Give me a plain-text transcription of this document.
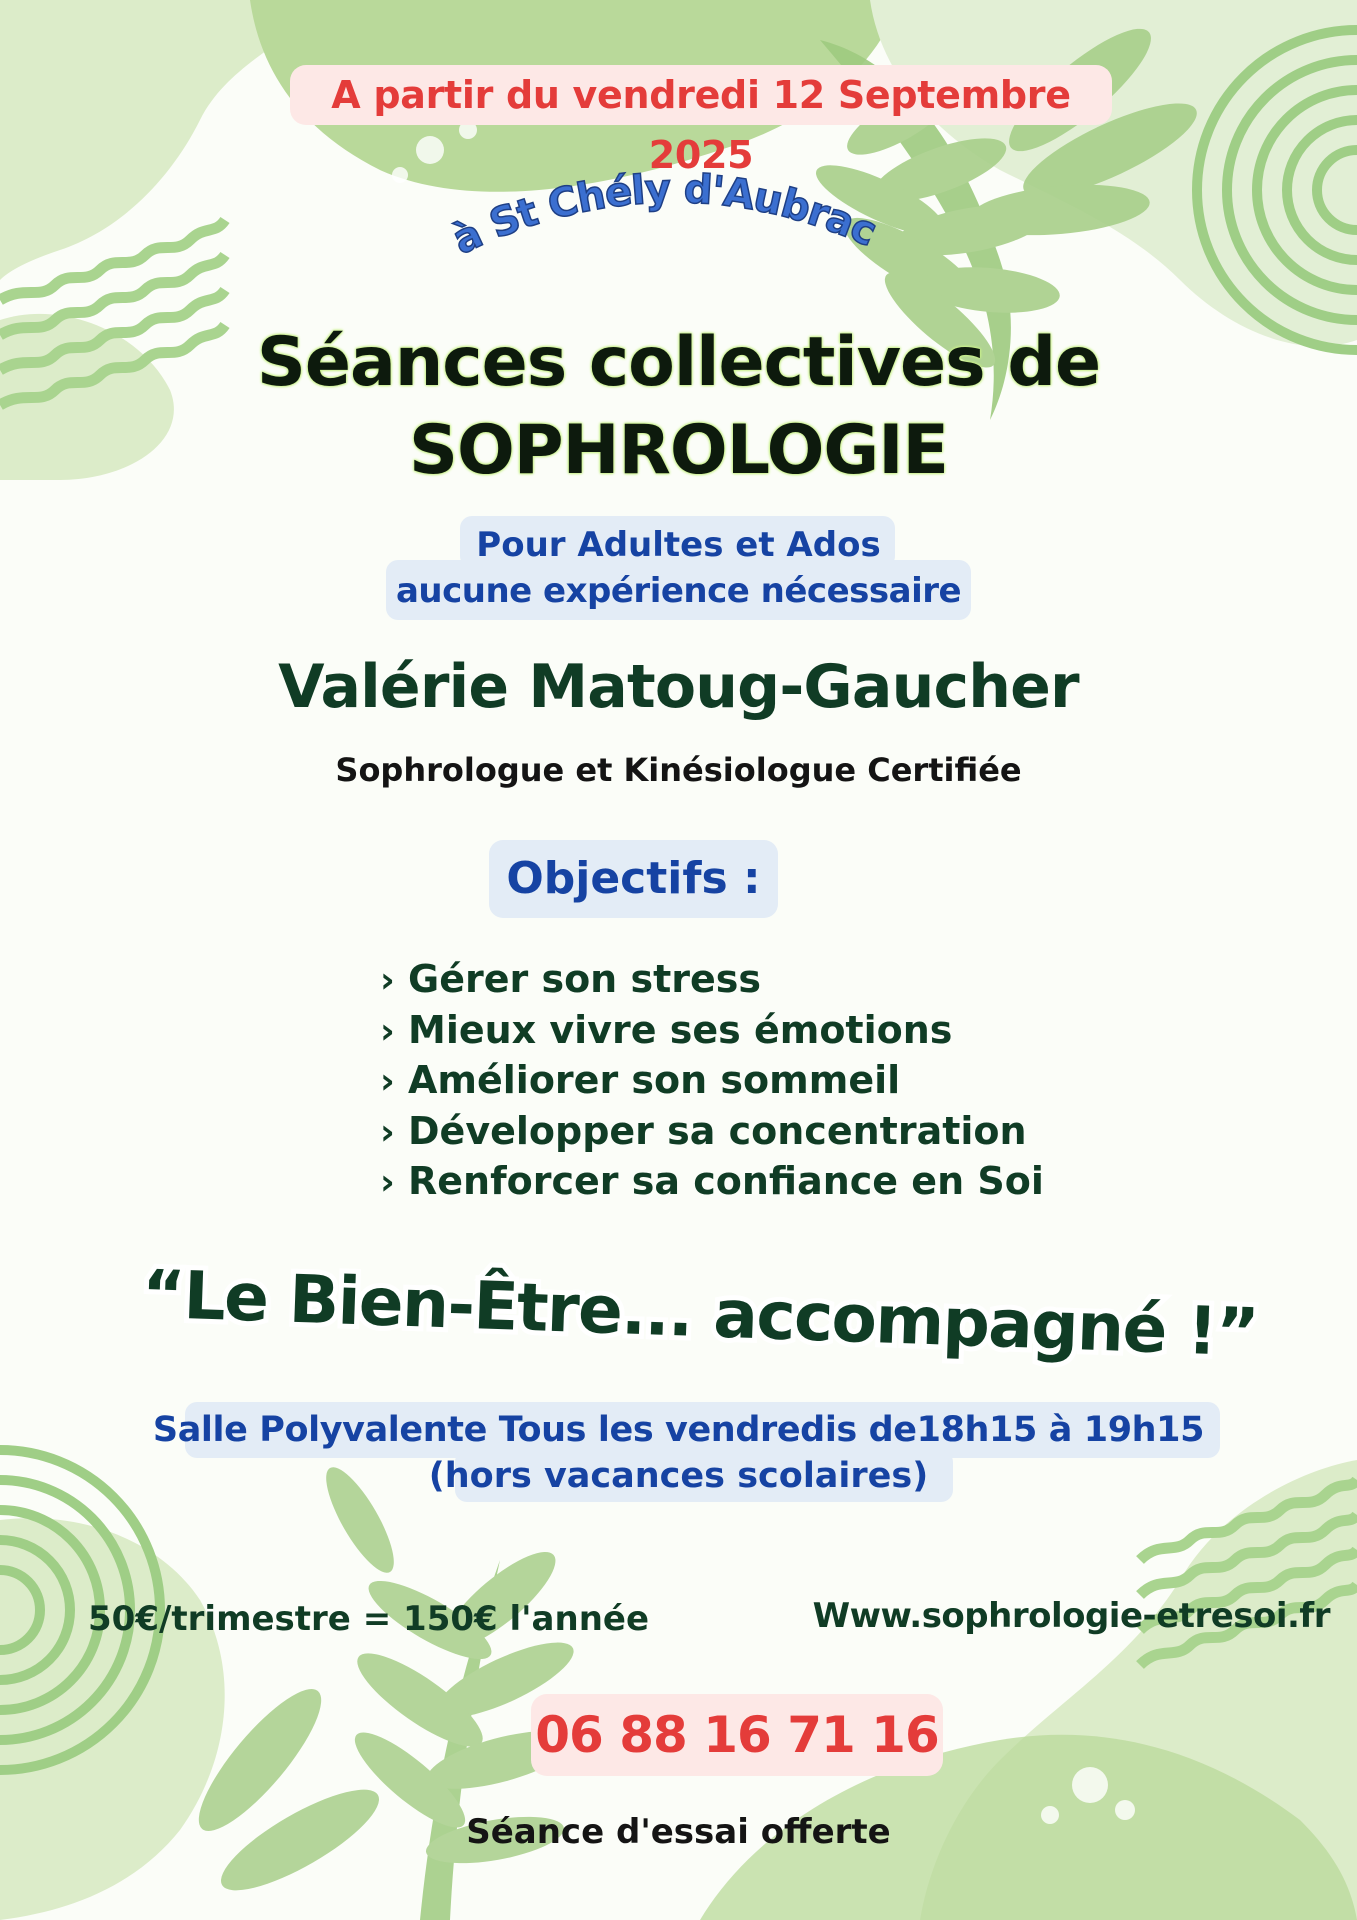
A partir du vendredi 12 Septembre 2025
à St Chély d'Aubrac
Séances collectives de
SOPHROLOGIE
Pour Adultes et Ados
aucune expérience nécessaire
Valérie Matoug-Gaucher
Sophrologue et Kinésiologue Certifiée
Objectifs :
› Gérer son stress
› Mieux vivre ses émotions
› Améliorer son sommeil
› Développer sa concentration
› Renforcer sa confiance en Soi
“Le Bien-Être... accompagné !”
Salle Polyvalente Tous les vendredis de18h15 à 19h15
(hors vacances scolaires)
50€/trimestre = 150€ l'année	Www.sophrologie-etresoi.fr
06 88 16 71 16
Séance d'essai offerte
